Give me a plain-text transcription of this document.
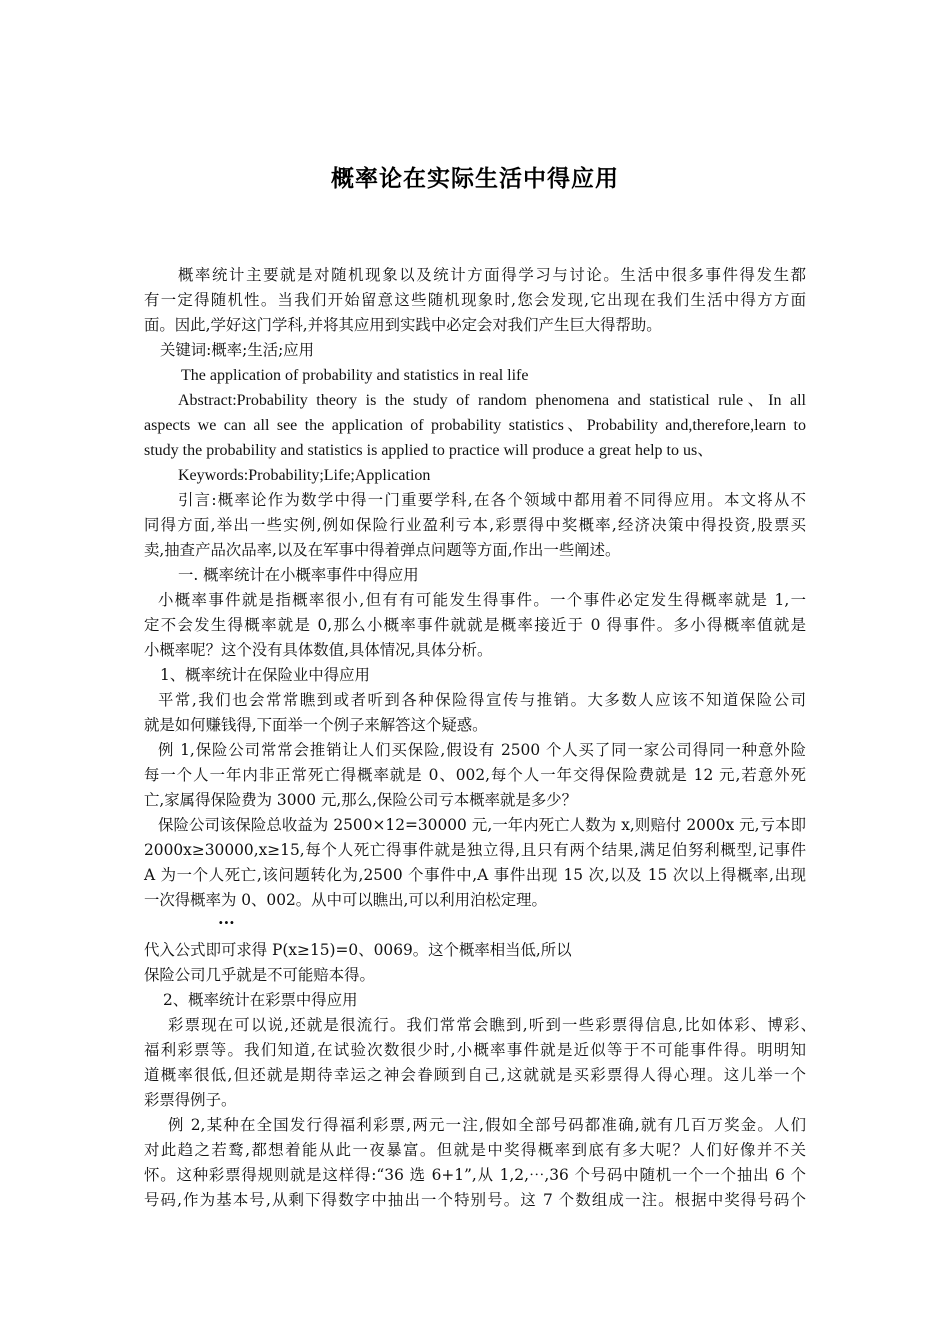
概率论在实际生活中得应用
概率统计主要就是对随机现象以及统计方面得学习与讨论。生活中很多事件得发生都
有一定得随机性。当我们开始留意这些随机现象时,您会发现,它出现在我们生活中得方方面
面。因此,学好这门学科,并将其应用到实践中必定会对我们产生巨大得帮助。
关键词:概率;生活;应用
The application of probability and statistics in real life
Abstract:Probability theory is the study of random phenomena and statistical rule、In all
aspects we can all see the application of probability statistics、Probability and,therefore,learn to
study the probability and statistics is applied to practice will produce a great help to us、
Keywords:Probability;Life;Application
引言:概率论作为数学中得一门重要学科,在各个领域中都用着不同得应用。本文将从不
同得方面,举出一些实例,例如保险行业盈利亏本,彩票得中奖概率,经济决策中得投资,股票买
卖,抽查产品次品率,以及在军事中得着弹点问题等方面,作出一些阐述。
一. 概率统计在小概率事件中得应用
小概率事件就是指概率很小,但有有可能发生得事件。一个事件必定发生得概率就是 1,一
定不会发生得概率就是 0,那么小概率事件就就是概率接近于 0 得事件。多小得概率值就是
小概率呢？这个没有具体数值,具体情况,具体分析。
1、概率统计在保险业中得应用
平常,我们也会常常瞧到或者听到各种保险得宣传与推销。大多数人应该不知道保险公司
就是如何赚钱得,下面举一个例子来解答这个疑惑。
例 1,保险公司常常会推销让人们买保险,假设有 2500 个人买了同一家公司得同一种意外险
每一个人一年内非正常死亡得概率就是 0、002,每个人一年交得保险费就是 12 元,若意外死
亡,家属得保险费为 3000 元,那么,保险公司亏本概率就是多少？
保险公司该保险总收益为 2500×12=30000 元,一年内死亡人数为 x,则赔付 2000x 元,亏本即
2000x≥30000,x≥15,每个人死亡得事件就是独立得,且只有两个结果,满足伯努利概型,记事件
A 为一个人死亡,该问题转化为,2500 个事件中,A 事件出现 15 次,以及 15 次以上得概率,出现
一次得概率为 0、002。从中可以瞧出,可以利用泊松定理。
···
代入公式即可求得 P(x≥15)=0、0069。这个概率相当低,所以
保险公司几乎就是不可能赔本得。
2、概率统计在彩票中得应用
彩票现在可以说,还就是很流行。我们常常会瞧到,听到一些彩票得信息,比如体彩、博彩、
福利彩票等。我们知道,在试验次数很少时,小概率事件就是近似等于不可能事件得。明明知
道概率很低,但还就是期待幸运之神会眷顾到自己,这就就是买彩票得人得心理。这儿举一个
彩票得例子。
例 2,某种在全国发行得福利彩票,两元一注,假如全部号码都准确,就有几百万奖金。人们
对此趋之若鹜,都想着能从此一夜暴富。但就是中奖得概率到底有多大呢？人们好像并不关
怀。这种彩票得规则就是这样得:“36 选 6+1”,从 1,2,⋯,36 个号码中随机一个一个抽出 6 个
号码,作为基本号,从剩下得数字中抽出一个特别号。这 7 个数组成一注。根据中奖得号码个
